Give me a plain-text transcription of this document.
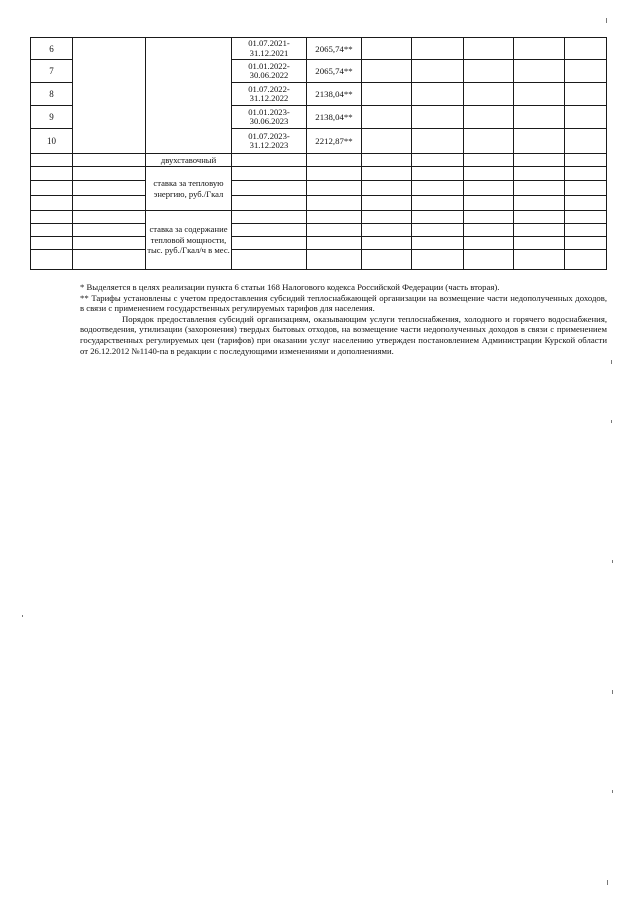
6			01.07.2021-
31.12.2021	2065,74**					
7			01.01.2022-
30.06.2022	2065,74**					
8			01.07.2022-
31.12.2022	2138,04**					
9			01.01.2023-
30.06.2023	2138,04**					
10			01.07.2023-
31.12.2023	2212,87**					
		двухставочный							
		ставка за тепловую энергию, руб./Гкал							

		ставка за содержание тепловой мощности, тыс. руб./Гкал/ч в мес.							

* Выделяется в целях реализации пункта 6 статьи 168 Налогового кодекса Российской Федерации (часть вторая).

** Тарифы установлены с учетом предоставления субсидий теплоснабжающей организации на возмещение части недополученных доходов, в связи с применением государственных регулируемых тарифов для населения.

Порядок предоставления субсидий организациям, оказывающим услуги теплоснабжения, холодного и горячего водоснабжения, водоотведения, утилизации (захоронения) твердых бытовых отходов, на возмещение части недополученных доходов в связи с применением государственных регулируемых цен (тарифов) при оказании услуг населению утвержден постановлением Администрации Курской области от 26.12.2012 №1140-па в редакции с последующими изменениями и дополнениями.
